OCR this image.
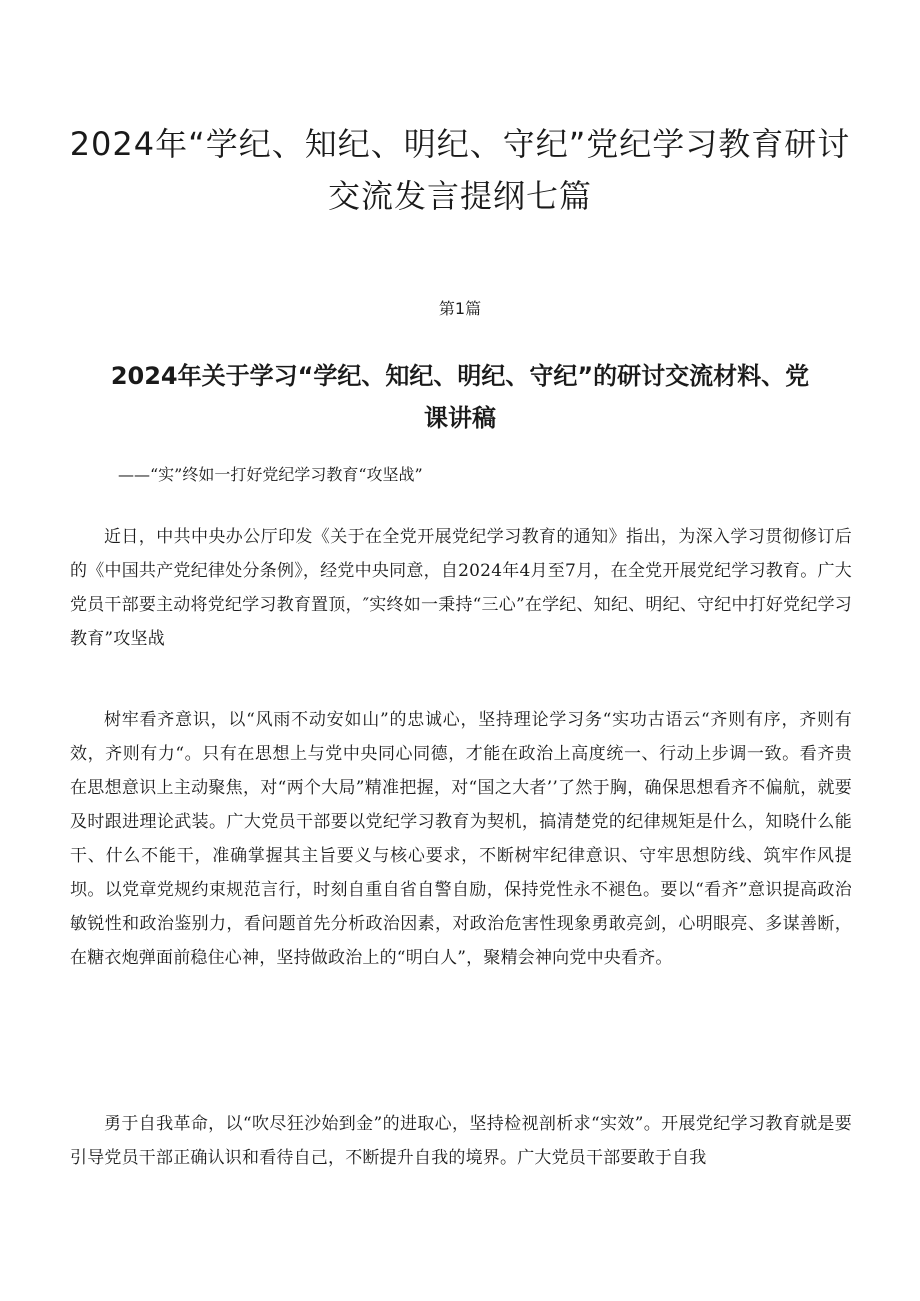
2024年“学纪、知纪、明纪、守纪”党纪学习教育研讨交流发言提纲七篇

第1篇

2024年关于学习“学纪、知纪、明纪、守纪”的研讨交流材料、党课讲稿

——“实”终如一打好党纪学习教育“攻坚战”

近日，中共中央办公厅印发《关于在全党开展党纪学习教育的通知》指出，为深入学习贯彻修订后的《中国共产党纪律处分条例》，经党中央同意，自2024年4月至7月，在全党开展党纪学习教育。广大党员干部要主动将党纪学习教育置顶，″实终如一秉持“三心”在学纪、知纪、明纪、守纪中打好党纪学习教育”攻坚战

树牢看齐意识，以“风雨不动安如山”的忠诚心，坚持理论学习务“实功古语云“齐则有序，齐则有效，齐则有力“。只有在思想上与党中央同心同德，才能在政治上高度统一、行动上步调一致。看齐贵在思想意识上主动聚焦，对“两个大局”精准把握，对“国之大者’’了然于胸，确保思想看齐不偏航，就要及时跟进理论武装。广大党员干部要以党纪学习教育为契机，搞清楚党的纪律规矩是什么，知晓什么能干、什么不能干，准确掌握其主旨要义与核心要求，不断树牢纪律意识、守牢思想防线、筑牢作风提坝。以党章党规约束规范言行，时刻自重自省自警自励，保持党性永不褪色。要以“看齐”意识提高政治敏锐性和政治鉴别力，看问题首先分析政治因素，对政治危害性现象勇敢亮剑，心明眼亮、多谋善断，在糖衣炮弹面前稳住心神，坚持做政治上的“明白人”，聚精会神向党中央看齐。

勇于自我革命，以“吹尽狂沙始到金”的进取心，坚持检视剖析求“实效”。开展党纪学习教育就是要引导党员干部正确认识和看待自己，不断提升自我的境界。广大党员干部要敢于自我
